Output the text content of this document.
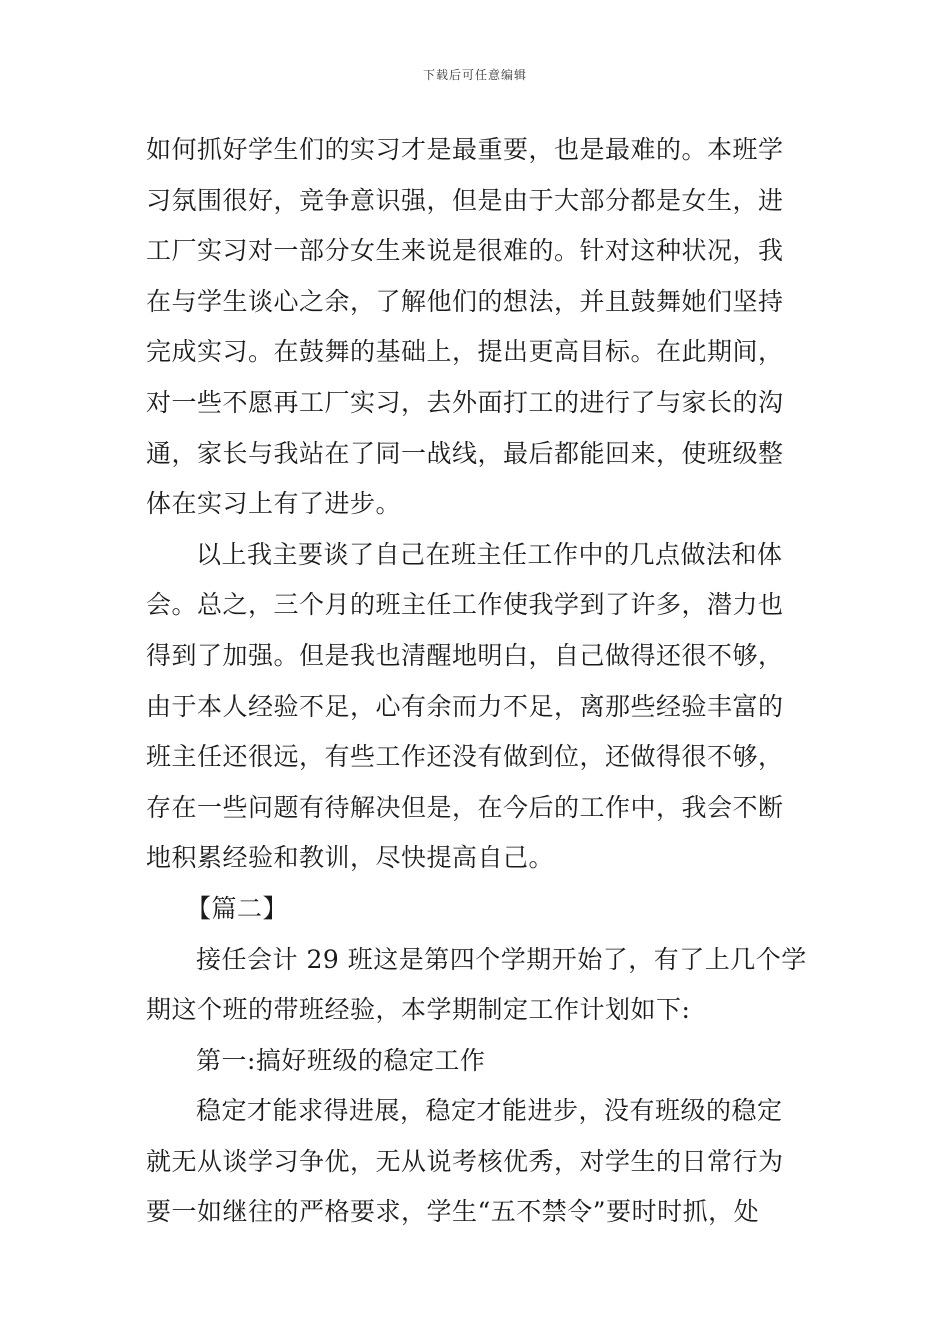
下载后可任意编辑
如何抓好学生们的实习才是最重要，也是最难的。本班学
习氛围很好，竞争意识强，但是由于大部分都是女生，进
工厂实习对一部分女生来说是很难的。针对这种状况，我
在与学生谈心之余，了解他们的想法，并且鼓舞她们坚持
完成实习。在鼓舞的基础上，提出更高目标。在此期间，
对一些不愿再工厂实习，去外面打工的进行了与家长的沟
通，家长与我站在了同一战线，最后都能回来，使班级整
体在实习上有了进步。
以上我主要谈了自己在班主任工作中的几点做法和体
会。总之，三个月的班主任工作使我学到了许多，潜力也
得到了加强。但是我也清醒地明白，自己做得还很不够，
由于本人经验不足，心有余而力不足，离那些经验丰富的
班主任还很远，有些工作还没有做到位，还做得很不够，
存在一些问题有待解决但是，在今后的工作中，我会不断
地积累经验和教训，尽快提高自己。
【篇二】
接任会计 29 班这是第四个学期开始了，有了上几个学
期这个班的带班经验，本学期制定工作计划如下:
第一:搞好班级的稳定工作
稳定才能求得进展，稳定才能进步，没有班级的稳定
就无从谈学习争优，无从说考核优秀，对学生的日常行为
要一如继往的严格要求，学生“五不禁令”要时时抓，处
